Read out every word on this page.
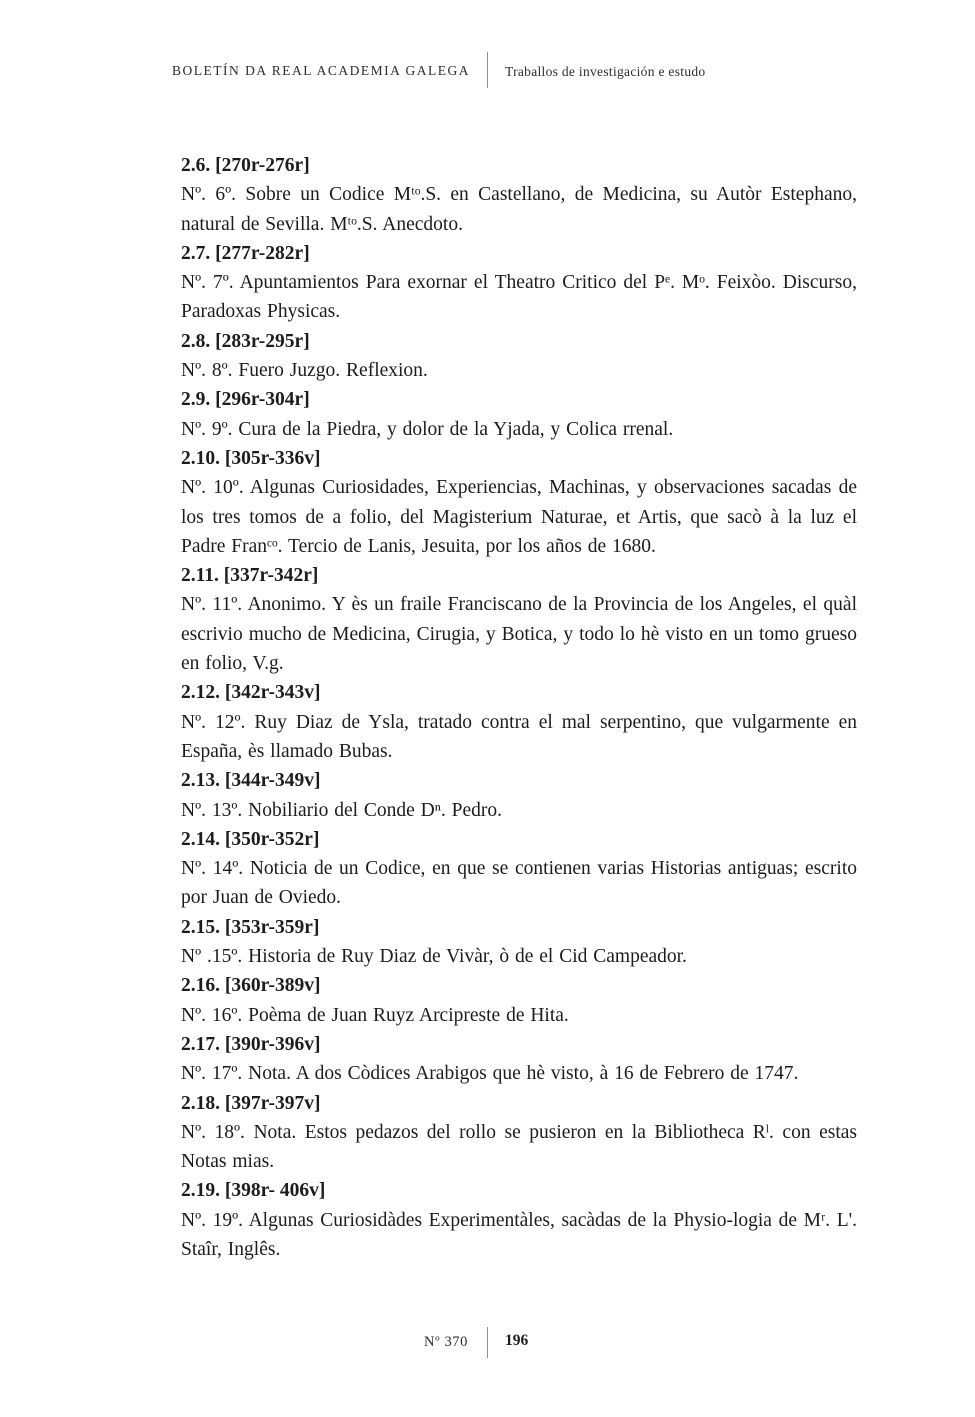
BOLETÍN DA REAL ACADEMIA GALEGA	Traballos de investigación e estudo
2.6. [270r-276r]

Nº. 6º. Sobre un Codice Mᵗᵒ.S. en Castellano, de Medicina, su Autòr Estephano, natural de Sevilla. Mᵗᵒ.S. Anecdoto.

2.7. [277r-282r]

Nº. 7º. Apuntamientos Para exornar el Theatro Critico del Pᵉ. Mᵒ. Feixòo. Discurso, Paradoxas Physicas.

2.8. [283r-295r]

Nº. 8º. Fuero Juzgo. Reflexion.

2.9. [296r-304r]

Nº. 9º. Cura de la Piedra, y dolor de la Yjada, y Colica rrenal.

2.10. [305r-336v]

Nº. 10º. Algunas Curiosidades, Experiencias, Machinas, y observaciones sacadas de los tres tomos de a folio, del Magisterium Naturae, et Artis, que sacò à la luz el Padre Franᶜᵒ. Tercio de Lanis, Jesuita, por los años de 1680.

2.11. [337r-342r]

Nº. 11º. Anonimo. Y ès un fraile Franciscano de la Provincia de los Angeles, el quàl escrivio mucho de Medicina, Cirugia, y Botica, y todo lo hè visto en un tomo grueso en folio, V.g.

2.12. [342r-343v]

Nº. 12º. Ruy Diaz de Ysla, tratado contra el mal serpentino, que vulgarmente en España, ès llamado Bubas.

2.13. [344r-349v]

Nº. 13º. Nobiliario del Conde Dⁿ. Pedro.

2.14. [350r-352r]

Nº. 14º. Noticia de un Codice, en que se contienen varias Historias antiguas; escrito por Juan de Oviedo.

2.15. [353r-359r]

Nº .15º. Historia de Ruy Diaz de Vivàr, ò de el Cid Campeador.

2.16. [360r-389v]

Nº. 16º. Poèma de Juan Ruyz Arcipreste de Hita.

2.17. [390r-396v]

Nº. 17º. Nota. A dos Còdices Arabigos que hè visto, à 16 de Febrero de 1747.

2.18. [397r-397v]

Nº. 18º. Nota. Estos pedazos del rollo se pusieron en la Bibliotheca Rˡ. con estas Notas mias.

2.19. [398r- 406v]

Nº. 19º. Algunas Curiosidàdes Experimentàles, sacàdas de la Physio-logia de Mʳ. L'. Staîr, Inglês.

Nº 370 196
